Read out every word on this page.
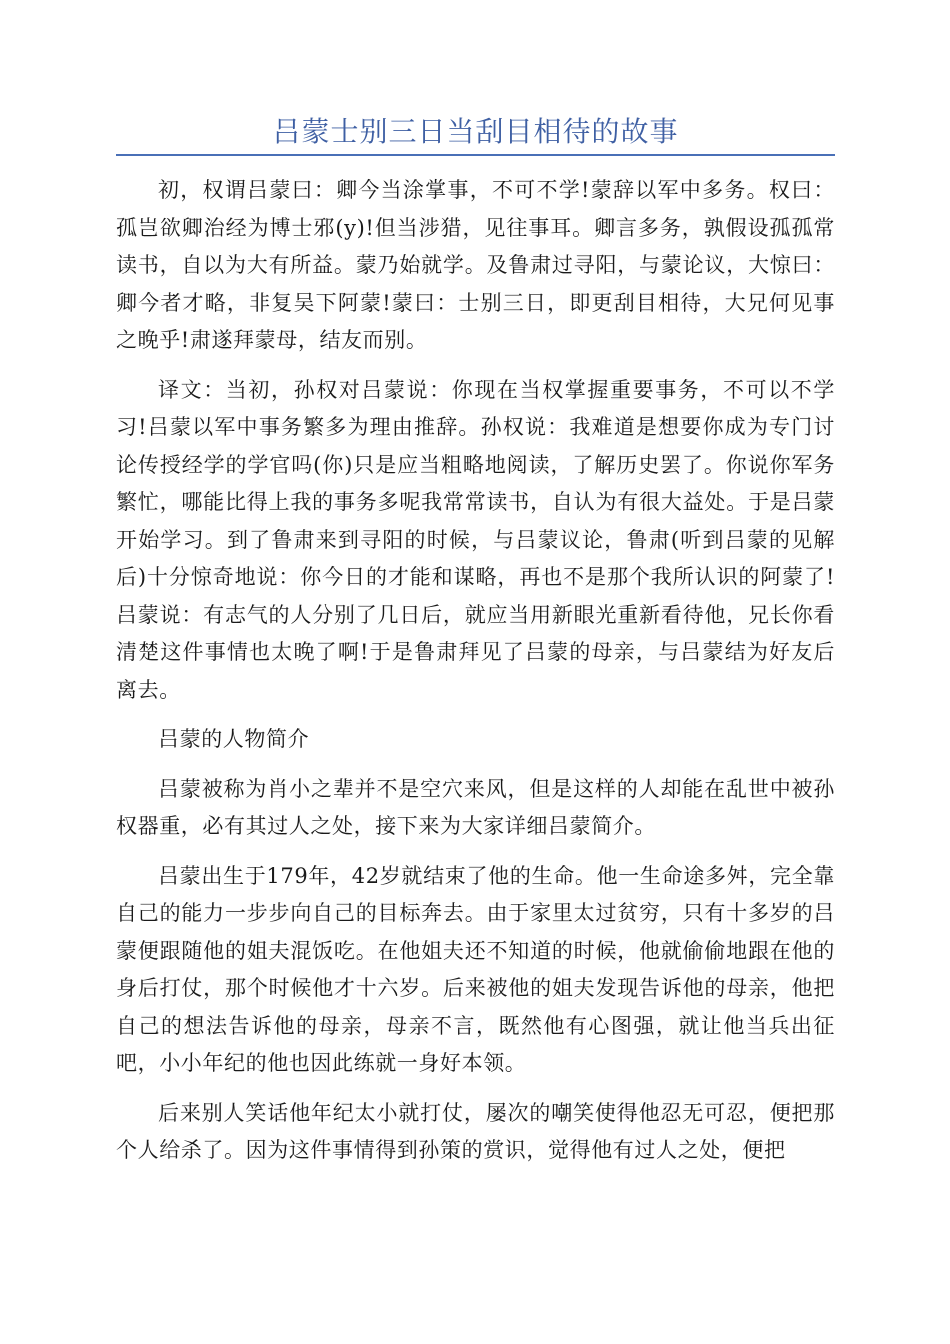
吕蒙士别三日当刮目相待的故事

初，权谓吕蒙曰：卿今当涂掌事，不可不学!蒙辞以军中多务。权曰：孤岂欲卿治经为博士邪(y)!但当涉猎，见往事耳。卿言多务，孰假设孤孤常读书，自以为大有所益。蒙乃始就学。及鲁肃过寻阳，与蒙论议，大惊曰：卿今者才略，非复吴下阿蒙!蒙曰：士别三日，即更刮目相待，大兄何见事之晚乎!肃遂拜蒙母，结友而别。

译文：当初，孙权对吕蒙说：你现在当权掌握重要事务，不可以不学习!吕蒙以军中事务繁多为理由推辞。孙权说：我难道是想要你成为专门讨论传授经学的学官吗(你)只是应当粗略地阅读，了解历史罢了。你说你军务繁忙，哪能比得上我的事务多呢我常常读书，自认为有很大益处。于是吕蒙开始学习。到了鲁肃来到寻阳的时候，与吕蒙议论，鲁肃(听到吕蒙的见解后)十分惊奇地说：你今日的才能和谋略，再也不是那个我所认识的阿蒙了!吕蒙说：有志气的人分别了几日后，就应当用新眼光重新看待他，兄长你看清楚这件事情也太晚了啊!于是鲁肃拜见了吕蒙的母亲，与吕蒙结为好友后离去。

吕蒙的人物简介

吕蒙被称为肖小之辈并不是空穴来风，但是这样的人却能在乱世中被孙权器重，必有其过人之处，接下来为大家详细吕蒙简介。

吕蒙出生于179年，42岁就结束了他的生命。他一生命途多舛，完全靠自己的能力一步步向自己的目标奔去。由于家里太过贫穷，只有十多岁的吕蒙便跟随他的姐夫混饭吃。在他姐夫还不知道的时候，他就偷偷地跟在他的身后打仗，那个时候他才十六岁。后来被他的姐夫发现告诉他的母亲，他把自己的想法告诉他的母亲，母亲不言，既然他有心图强，就让他当兵出征吧，小小年纪的他也因此练就一身好本领。

后来别人笑话他年纪太小就打仗，屡次的嘲笑使得他忍无可忍，便把那个人给杀了。因为这件事情得到孙策的赏识，觉得他有过人之处，便把
